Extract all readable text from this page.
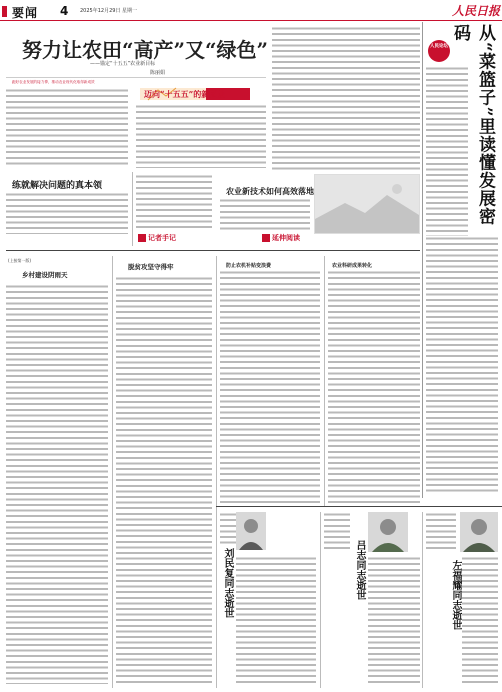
要闻 4 2025年12月29日 星期一	人民日报
努力让农田“高产”又“绿色”
——锚定“十五五”农业新目标
陈丽娟
跑好农业发展的接力棒，推动农业现代化取得新成效
迈向“十五五”的新图景
练就解决问题的真本领
记者手记
农业新技术如何高效落地
延伸阅读
人民论坛 从“菜篮子”里读懂发展密码
(上接第一版)
乡村建设阴雨天
脱贫攻坚守得牢	防止农机补贴变浪费	农业科研成果转化
刘民复同志逝世	吕志同志逝世	左福耀同志逝世
